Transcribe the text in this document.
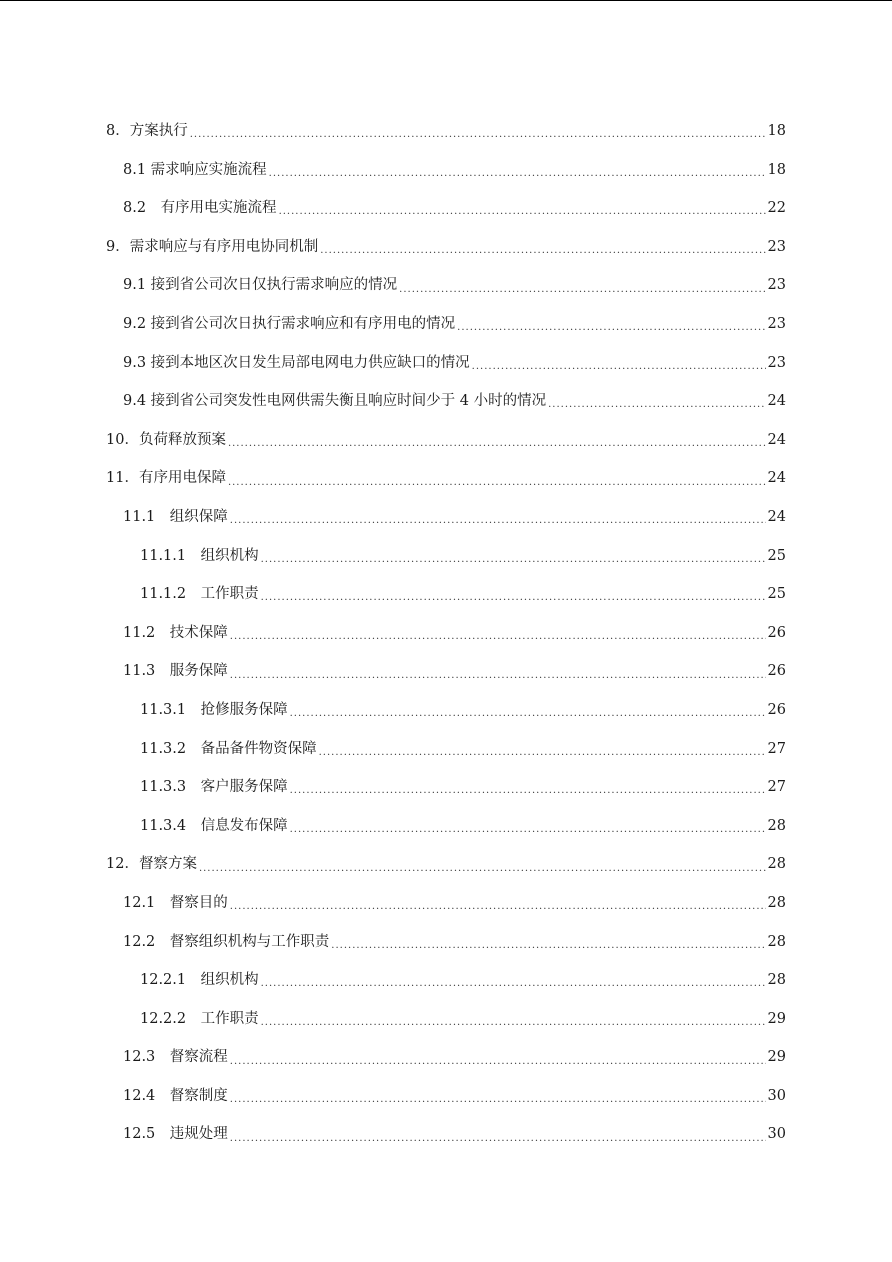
8．方案执行 .....	18
8.1 需求响应实施流程 .....	18
8.2　有序用电实施流程 .....	22
9．需求响应与有序用电协同机制 .....	23
9.1 接到省公司次日仅执行需求响应的情况 .....	23
9.2 接到省公司次日执行需求响应和有序用电的情况 .....	23
9.3 接到本地区次日发生局部电网电力供应缺口的情况 .....	23
9.4 接到省公司突发性电网供需失衡且响应时间少于 4 小时的情况 .....	24
10．负荷释放预案 .....	24
11．有序用电保障 .....	24
11.1　组织保障 .....	24
11.1.1　组织机构 .....	25
11.1.2　工作职责 .....	25
11.2　技术保障 .....	26
11.3　服务保障 .....	26
11.3.1　抢修服务保障 .....	26
11.3.2　备品备件物资保障 .....	27
11.3.3　客户服务保障 .....	27
11.3.4　信息发布保障 .....	28
12．督察方案 .....	28
12.1　督察目的 .....	28
12.2　督察组织机构与工作职责 .....	28
12.2.1　组织机构 .....	28
12.2.2　工作职责 .....	29
12.3　督察流程 .....	29
12.4　督察制度 .....	30
12.5　违规处理 .....	30
